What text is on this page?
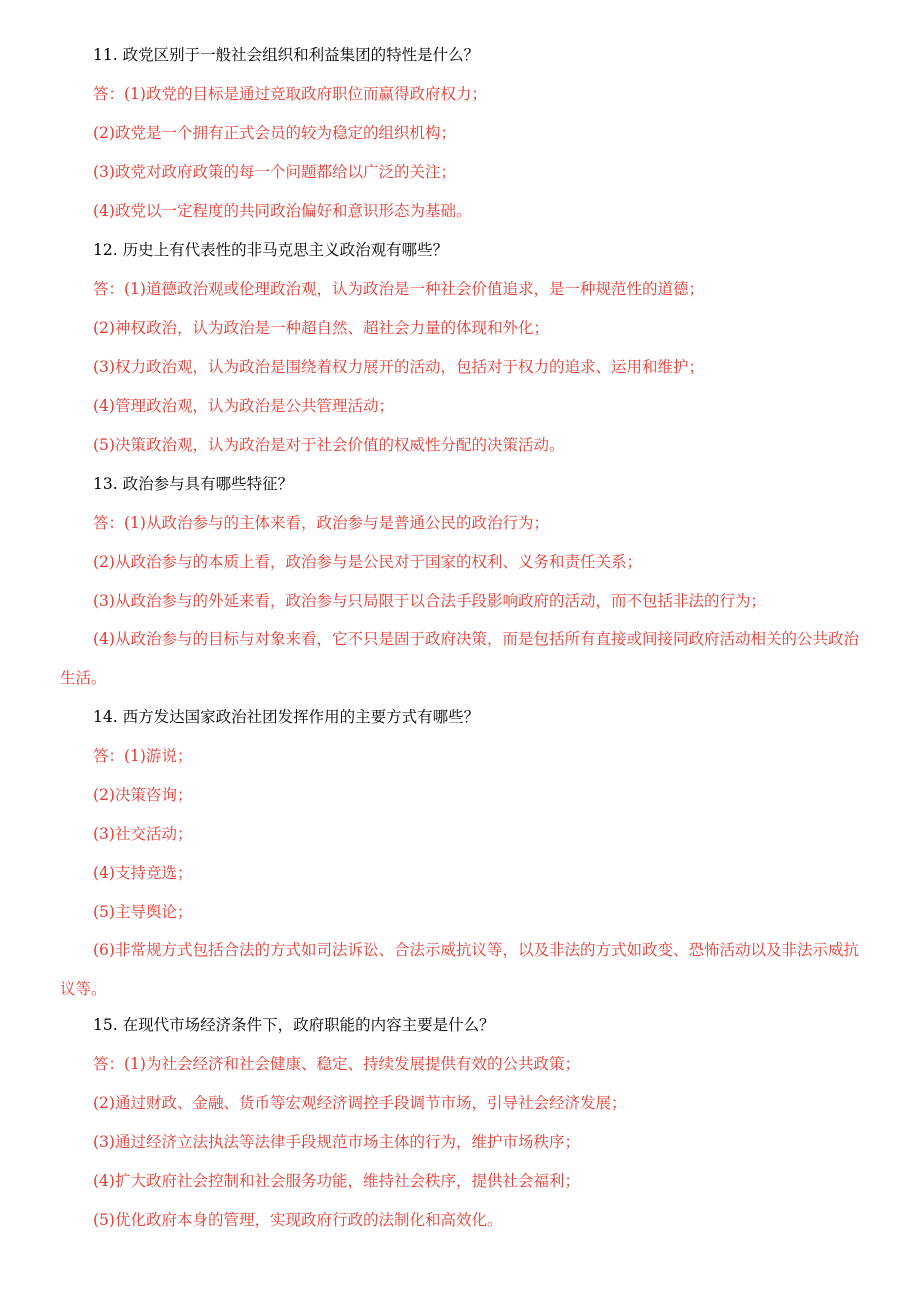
11. 政党区别于一般社会组织和利益集团的特性是什么？
答：(1)政党的目标是通过竞取政府职位而赢得政府权力；
(2)政党是一个拥有正式会员的较为稳定的组织机构；
(3)政党对政府政策的每一个问题都给以广泛的关注；
(4)政党以一定程度的共同政治偏好和意识形态为基础。
12. 历史上有代表性的非马克思主义政治观有哪些？
答：(1)道德政治观或伦理政治观，认为政治是一种社会价值追求，是一种规范性的道德；
(2)神权政治，认为政治是一种超自然、超社会力量的体现和外化；
(3)权力政治观，认为政治是围绕着权力展开的活动，包括对于权力的追求、运用和维护；
(4)管理政治观，认为政治是公共管理活动；
(5)决策政治观，认为政治是对于社会价值的权威性分配的决策活动。
13. 政治参与具有哪些特征？
答：(1)从政治参与的主体来看，政治参与是普通公民的政治行为；
(2)从政治参与的本质上看，政治参与是公民对于国家的权利、义务和责任关系；
(3)从政治参与的外延来看，政治参与只局限于以合法手段影响政府的活动，而不包括非法的行为；
(4)从政治参与的目标与对象来看，它不只是固于政府决策，而是包括所有直接或间接同政府活动相关的公共政治生活。
14. 西方发达国家政治社团发挥作用的主要方式有哪些？
答：(1)游说；
(2)决策咨询；
(3)社交活动；
(4)支持竞选；
(5)主导舆论；
(6)非常规方式包括合法的方式如司法诉讼、合法示威抗议等，以及非法的方式如政变、恐怖活动以及非法示威抗议等。
15. 在现代市场经济条件下，政府职能的内容主要是什么？
答：(1)为社会经济和社会健康、稳定、持续发展提供有效的公共政策；
(2)通过财政、金融、货币等宏观经济调控手段调节市场，引导社会经济发展；
(3)通过经济立法执法等法律手段规范市场主体的行为，维护市场秩序；
(4)扩大政府社会控制和社会服务功能，维持社会秩序，提供社会福利；
(5)优化政府本身的管理，实现政府行政的法制化和高效化。
